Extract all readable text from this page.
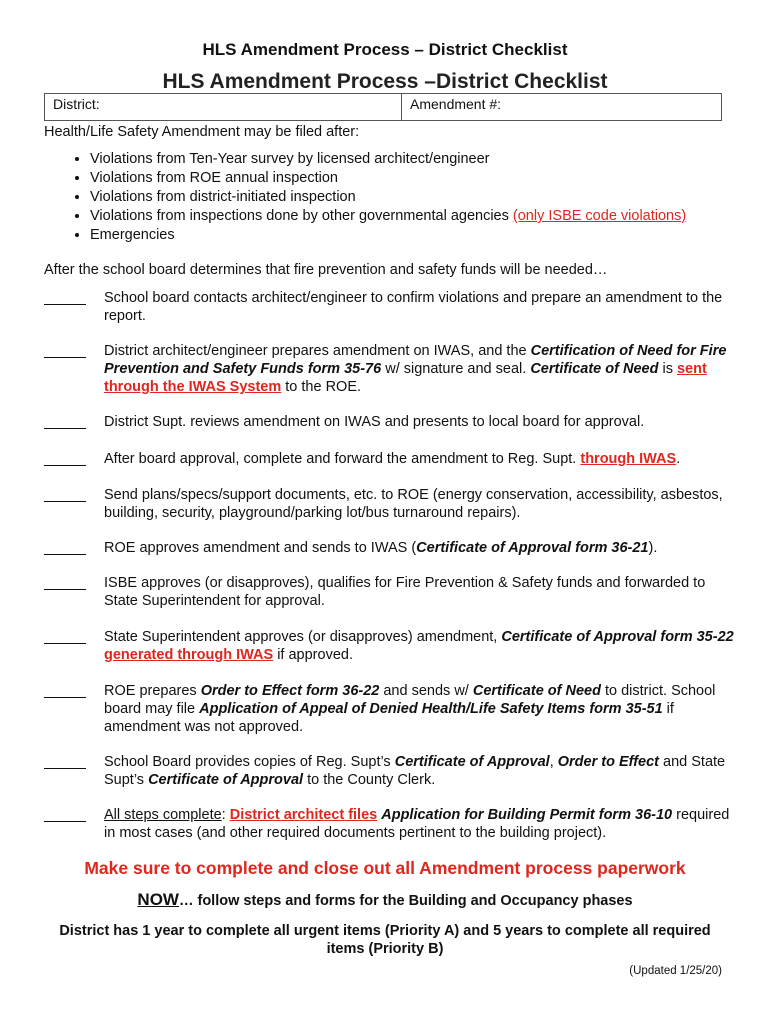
HLS Amendment Process – District Checklist
HLS Amendment Process –District Checklist
District:	Amendment #:
Health/Life Safety Amendment may be filed after:
• Violations from Ten-Year survey by licensed architect/engineer
• Violations from ROE annual inspection
• Violations from district-initiated inspection
• Violations from inspections done by other governmental agencies (only ISBE code violations)
• Emergencies
After the school board determines that fire prevention and safety funds will be needed…
School board contacts architect/engineer to confirm violations and prepare an amendment to the report.
District architect/engineer prepares amendment on IWAS, and the Certification of Need for Fire Prevention and Safety Funds form 35-76 w/ signature and seal. Certificate of Need is sent through the IWAS System to the ROE.
District Supt. reviews amendment on IWAS and presents to local board for approval.
After board approval, complete and forward the amendment to Reg. Supt. through IWAS.
Send plans/specs/support documents, etc. to ROE (energy conservation, accessibility, asbestos, building, security, playground/parking lot/bus turnaround repairs).
ROE approves amendment and sends to IWAS (Certificate of Approval form 36-21).
ISBE approves (or disapproves), qualifies for Fire Prevention & Safety funds and forwarded to State Superintendent for approval.
State Superintendent approves (or disapproves) amendment, Certificate of Approval form 35-22 generated through IWAS if approved.
ROE prepares Order to Effect form 36-22 and sends w/ Certificate of Need to district. School board may file Application of Appeal of Denied Health/Life Safety Items form 35-51 if amendment was not approved.
School Board provides copies of Reg. Supt’s Certificate of Approval, Order to Effect and State Supt’s Certificate of Approval to the County Clerk.
All steps complete: District architect files Application for Building Permit form 36-10 required in most cases (and other required documents pertinent to the building project).
Make sure to complete and close out all Amendment process paperwork
NOW… follow steps and forms for the Building and Occupancy phases
District has 1 year to complete all urgent items (Priority A) and 5 years to complete all required items (Priority B)
(Updated 1/25/20)
